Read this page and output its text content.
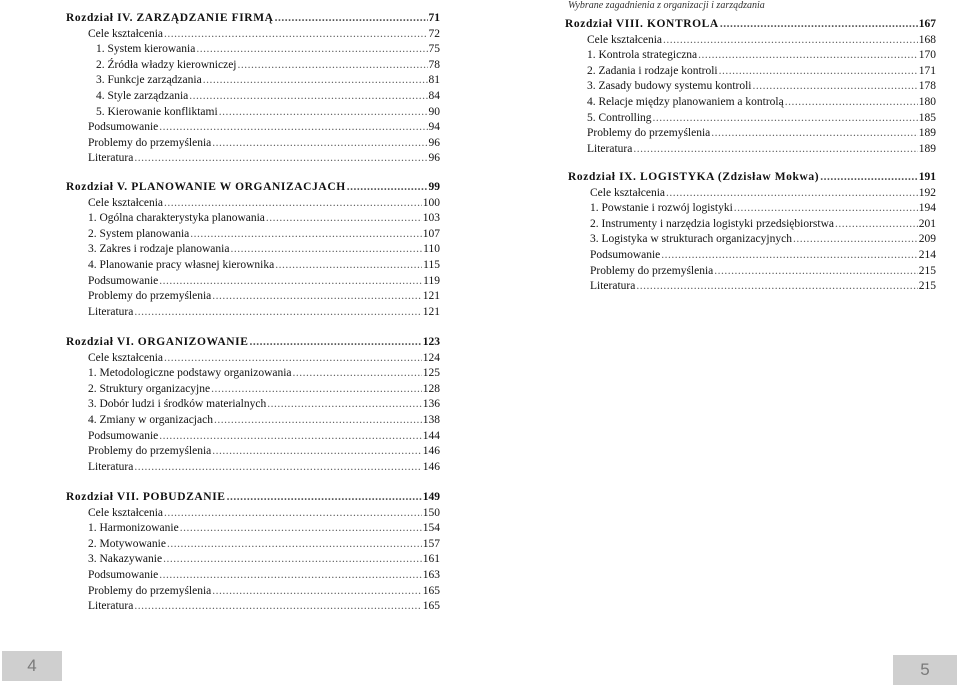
Wybrane zagadnienia z organizacji i zarządzania
Rozdział IV. ZARZĄDZANIE FIRMĄ .....	71
Cele kształcenia .....	72
1. System kierowania .....	75
2. Źródła władzy kierowniczej .....	78
3. Funkcje zarządzania .....	81
4. Style zarządzania .....	84
5. Kierowanie konfliktami .....	90
Podsumowanie .....	94
Problemy do przemyślenia .....	96
Literatura .....	96
Rozdział V. PLANOWANIE W ORGANIZACJACH .....	99
Cele kształcenia .....	100
1. Ogólna charakterystyka planowania .....	103
2. System planowania .....	107
3. Zakres i rodzaje planowania .....	110
4. Planowanie pracy własnej kierownika .....	115
Podsumowanie .....	119
Problemy do przemyślenia .....	121
Literatura .....	121
Rozdział VI. ORGANIZOWANIE .....	123
Cele kształcenia .....	124
1. Metodologiczne podstawy organizowania .....	125
2. Struktury organizacyjne .....	128
3. Dobór ludzi i środków materialnych .....	136
4. Zmiany w organizacjach .....	138
Podsumowanie .....	144
Problemy do przemyślenia .....	146
Literatura .....	146
Rozdział VII. POBUDZANIE .....	149
Cele kształcenia .....	150
1. Harmonizowanie .....	154
2. Motywowanie .....	157
3. Nakazywanie .....	161
Podsumowanie .....	163
Problemy do przemyślenia .....	165
Literatura .....	165
Rozdział VIII. KONTROLA .....	167
Cele kształcenia .....	168
1. Kontrola strategiczna .....	170
2. Zadania i rodzaje kontroli .....	171
3. Zasady budowy systemu kontroli .....	178
4. Relacje między planowaniem a kontrolą .....	180
5. Controlling .....	185
Problemy do przemyślenia .....	189
Literatura .....	189
Rozdział IX. LOGISTYKA (Zdzisław Mokwa) .....	191
Cele kształcenia .....	192
1. Powstanie i rozwój logistyki .....	194
2. Instrumenty i narzędzia logistyki przedsiębiorstwa .....	201
3. Logistyka w strukturach organizacyjnych .....	209
Podsumowanie .....	214
Problemy do przemyślenia .....	215
Literatura .....	215
4	5
